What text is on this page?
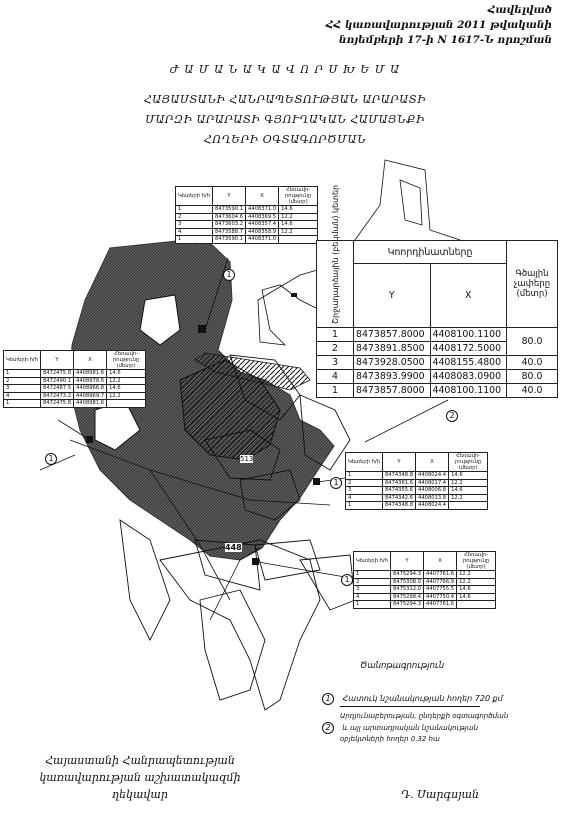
Հավելված
ՀՀ կառավարության 2011 թվականի
նոյեմբերի 17-ի N 1617-Ն որոշման
Ժ Ա Մ Ա Ն Ա Կ Ա Վ Ո Ր Ս Խ Ե Մ Ա
ՀԱՅԱՍՏԱՆԻ ՀԱՆՐԱՊԵՏՈՒԹՅԱՆ ԱՐԱՐԱՏԻ
ՄԱՐԶԻ ԱՐԱՐԱՏԻ ԳՅՈՒՂԱԿԱՆ ՀԱՄԱՅՆՔԻ
ՀՈՂԵՐԻ ՕԳՏԱԳՈՐԾՄԱՆ
513
448
1
1
1
1
2
Կետերի հ/հ	Y	X	Հեռավո-րությունը (մետր)
1	8473590.1	4408371.0	14.6
2	8473604.6	4408369.5	12.2
3	8473603.2	4408357.4	14.6
4	8473588.7	4408358.9	12.2
1	8473590.1	4408371.0	
Կետերի հ/հ	Y	X	Հեռավո-րությունը (մետր)
1	8472475.8	4408981.6	14.6
2	8472490.1	4408978.6	12.2
3	8472487.5	4408966.8	14.6
4	8472473.2	4408969.7	12.2
1	8472475.8	4408981.6	
Կետերի հ/հ	Y	X	Հեռավո-րությունը (մետր)
1	8474348.8	4408024.4	14.6
2	8474361.6	4408017.4	12.2
3	8474355.6	4408006.8	14.6
4	8474342.6	4408013.8	12.2
1	8474348.8	4408024.4	
Կետերի հ/հ	Y	X	Հեռավո-րությունը (մետր)
1	8475294.3	4407761.6	12.2
2	8475308.0	4407766.9	12.2
3	8475312.0	4407755.5	14.6
4	8475298.4	4407750.4	14.6
1	8475294.3	4407761.6	
Շրջադարձային (բեկման) կետեր	Կոորդինատները		Գծային չափերը (մետր)
	Y	X	
1	8473857.8000	4408100.1100	80.0
2	8473891.8500	4408172.5000	
3	8473928.0500	4408155.4800	40.0
4	8473893.9900	4408083.0900	80.0
1	8473857.8000	4408100.1100	40.0
Ծանոթագրություն
1 Հատուկ նշանակության հողեր 720 քմ
Արդյունաբերության, ընդերքի օգտագործման
2 և այլ արտադրական նշանակության
օբյեկտների հողեր 0.32 հա
Հայաստանի Հանրապետության
կառավարության աշխատակազմի
ղեկավար	Դ. Սարգսյան
